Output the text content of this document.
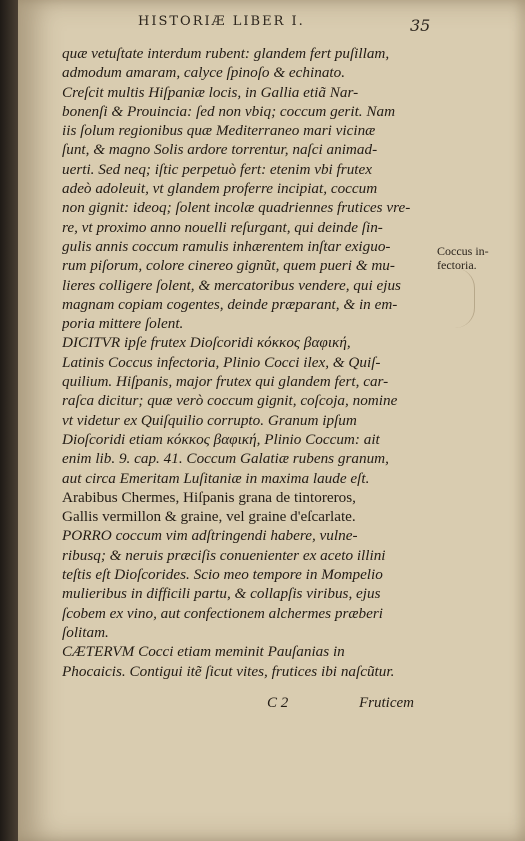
HISTORIÆ LIBER I.	35
Coccus in-
fectoria.
quæ vetuſtate interdum rubent: glandem fert puſillam,
admodum amaram, calyce ſpinoſo & echinato.
Creſcit multis Hiſpaniæ locis, in Gallia etiã Nar-
bonenſi & Prouincia: ſed non vbiq; coccum gerit. Nam
iis ſolum regionibus quæ Mediterraneo mari vicinæ
ſunt, & magno Solis ardore torrentur, naſci animad-
uerti. Sed neq; iſtic perpetuò fert: etenim vbi frutex
adeò adoleuit, vt glandem proferre incipiat, coccum
non gignit: ideoq; ſolent incolæ quadriennes frutices vre-
re, vt proximo anno nouelli reſurgant, qui deinde ſin-
gulis annis coccum ramulis inhærentem inſtar exiguo-
rum piſorum, colore cinereo gignũt, quem pueri & mu-
lieres colligere ſolent, & mercatoribus vendere, qui ejus
magnam copiam cogentes, deinde præparant, & in em-
poria mittere ſolent.
DICITVR ipſe frutex Dioſcoridi κόκκος βαφική,
Latinis Coccus infectoria, Plinio Cocci ilex, & Quiſ-
quilium. Hiſpanis, major frutex qui glandem fert, car-
raſca dicitur; quæ verò coccum gignit, coſcoja, nomine
vt videtur ex Quiſquilio corrupto. Granum ipſum
Dioſcoridi etiam κόκκος βαφική, Plinio Coccum: ait
enim lib. 9. cap. 41. Coccum Galatiæ rubens granum,
aut circa Emeritam Luſitaniæ in maxima laude eſt.
Arabibus Chermes, Hiſpanis grana de tintoreros,
Gallis vermillon & graine, vel graine d'eſcarlate.
PORRO coccum vim adſtringendi habere, vulne-
ribusq; & neruis præciſis conuenienter ex aceto illini
teſtis eſt Dioſcorides. Scio meo tempore in Mompelio
mulieribus in difficili partu, & collapſis viribus, ejus
ſcobem ex vino, aut confectionem alchermes præberi
ſolitam.
CÆTERVM Cocci etiam meminit Pauſanias in
Phocaicis. Contigui itẽ ſicut vites, frutices ibi naſcũtur.
C 2	Fruticem
